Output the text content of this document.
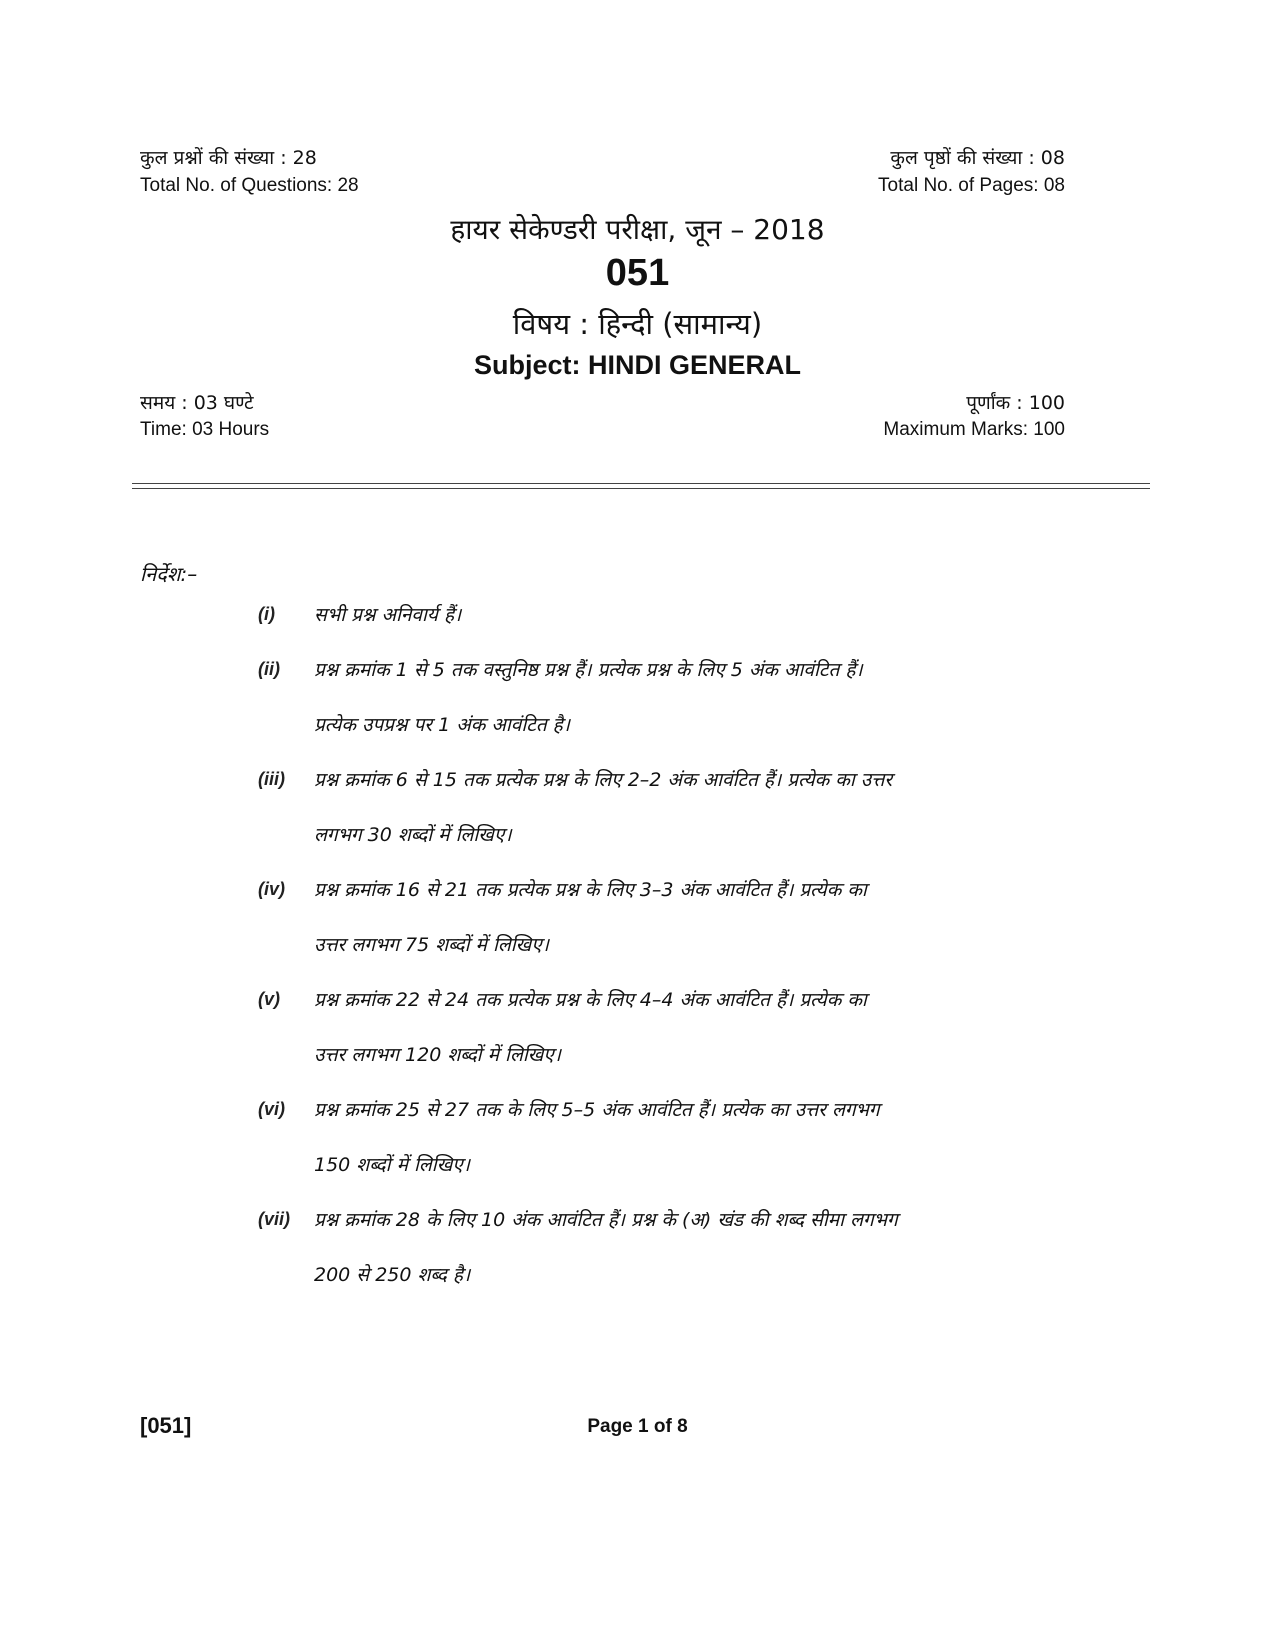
कुल प्रश्नों की संख्या : 28
Total No. of Questions: 28
कुल पृष्ठों की संख्या : 08
Total No. of Pages: 08
हायर सेकेण्डरी परीक्षा, जून – 2018
051
विषय : हिन्दी (सामान्य)
Subject: HINDI GENERAL
समय : 03 घण्टे
Time: 03 Hours
पूर्णांक : 100
Maximum Marks: 100
निर्देश:–
(i) सभी प्रश्न अनिवार्य हैं।
(ii) प्रश्न क्रमांक 1 से 5 तक वस्तुनिष्ठ प्रश्न हैं। प्रत्येक प्रश्न के लिए 5 अंक आवंटित हैं।
प्रत्येक उपप्रश्न पर 1 अंक आवंटित है।
(iii) प्रश्न क्रमांक 6 से 15 तक प्रत्येक प्रश्न के लिए 2–2 अंक आवंटित हैं। प्रत्येक का उत्तर
लगभग 30 शब्दों में लिखिए।
(iv) प्रश्न क्रमांक 16 से 21 तक प्रत्येक प्रश्न के लिए 3–3 अंक आवंटित हैं। प्रत्येक का
उत्तर लगभग 75 शब्दों में लिखिए।
(v) प्रश्न क्रमांक 22 से 24 तक प्रत्येक प्रश्न के लिए 4–4 अंक आवंटित हैं। प्रत्येक का
उत्तर लगभग 120 शब्दों में लिखिए।
(vi) प्रश्न क्रमांक 25 से 27 तक के लिए 5–5 अंक आवंटित हैं। प्रत्येक का उत्तर लगभग
150 शब्दों में लिखिए।
(vii) प्रश्न क्रमांक 28 के लिए 10 अंक आवंटित हैं। प्रश्न के (अ) खंड की शब्द सीमा लगभग
200 से 250 शब्द है।
[051]	Page 1 of 8
